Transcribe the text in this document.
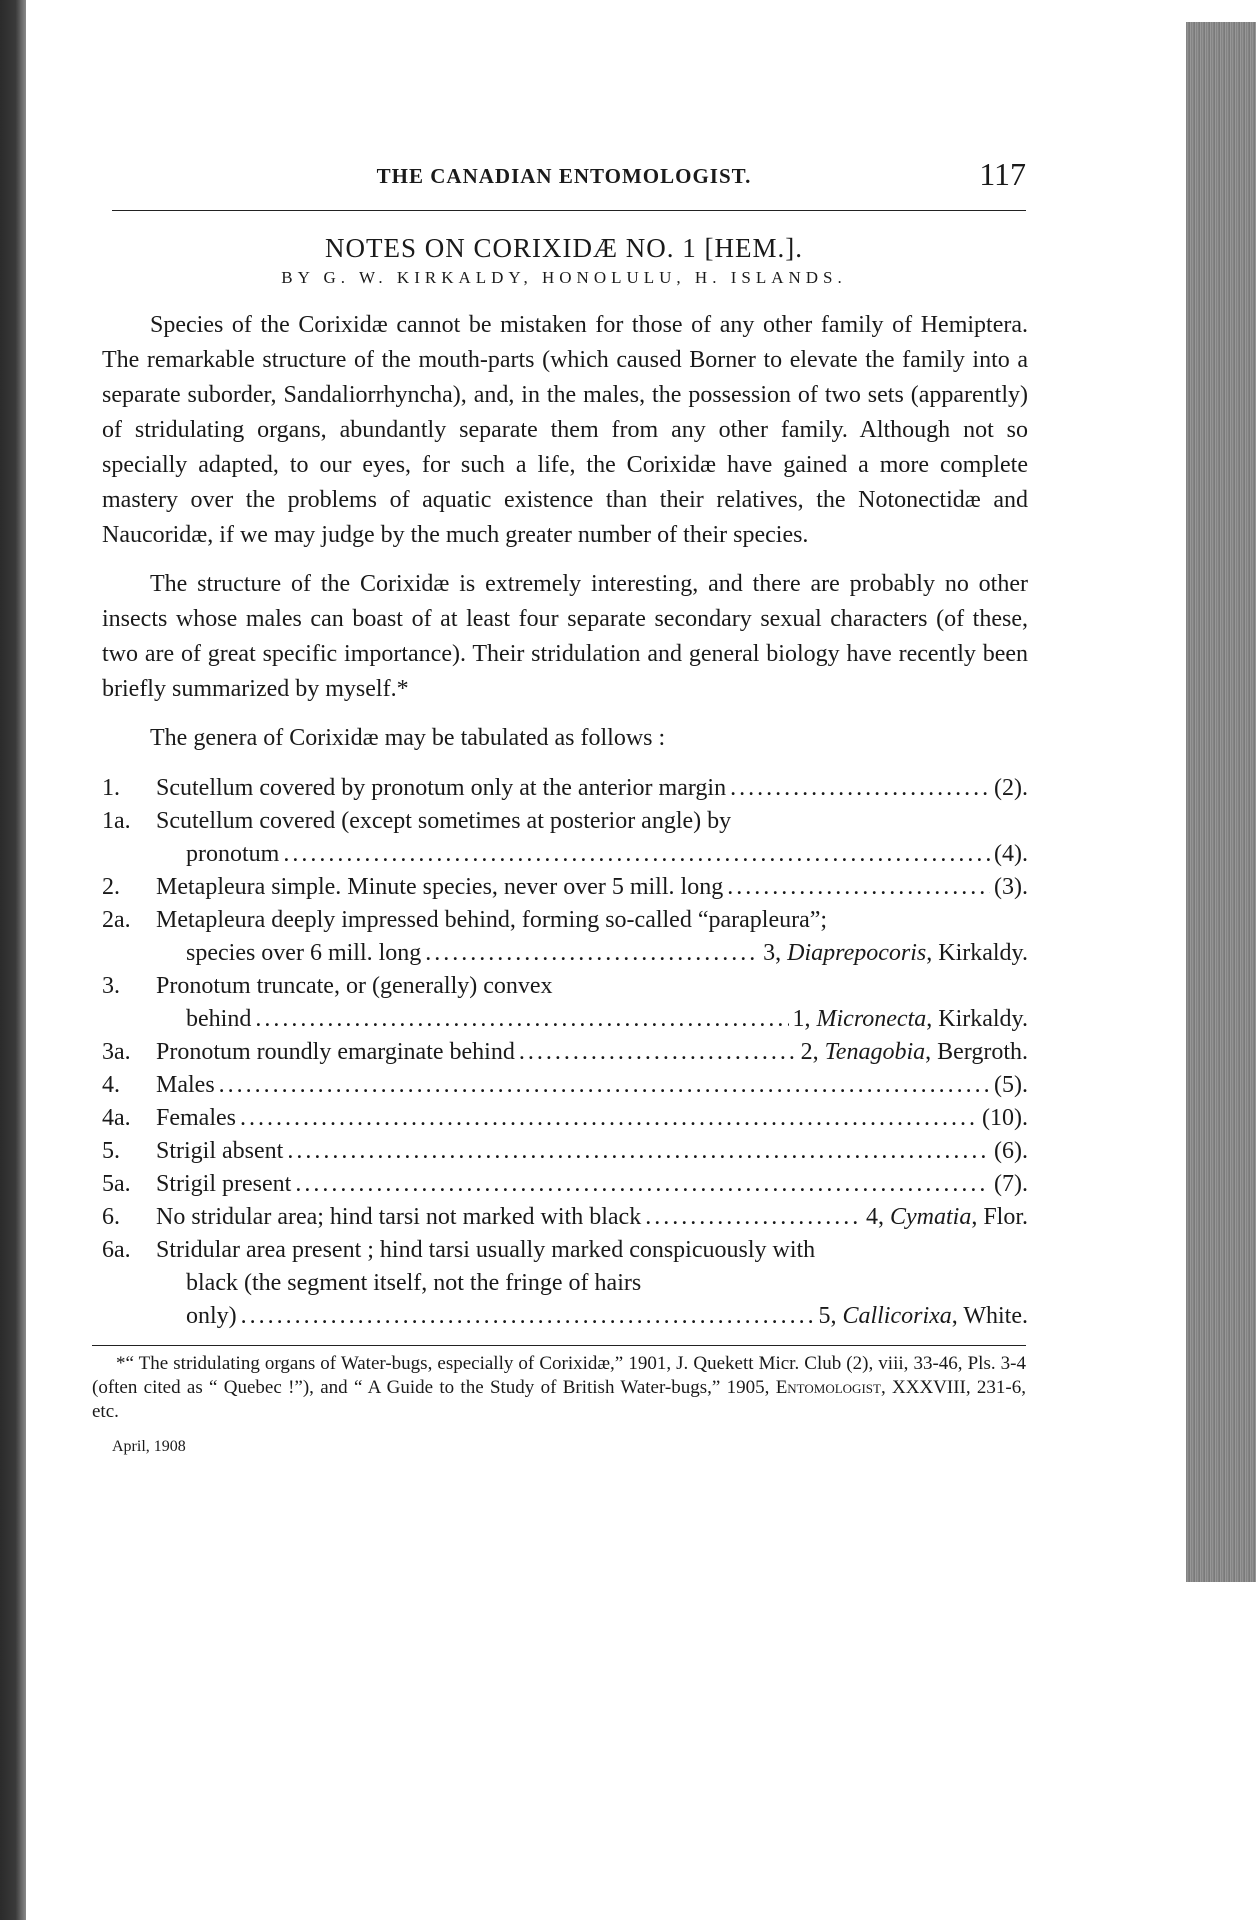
THE CANADIAN ENTOMOLOGIST.	117
NOTES ON CORIXIDÆ NO. 1 [HEM.].
BY G. W. KIRKALDY, HONOLULU, H. ISLANDS.

Species of the Corixidæ cannot be mistaken for those of any other family of Hemiptera. The remarkable structure of the mouth-parts (which caused Borner to elevate the family into a separate suborder, Sandaliorrhyncha), and, in the males, the possession of two sets (apparently) of stridulating organs, abundantly separate them from any other family. Although not so specially adapted, to our eyes, for such a life, the Corixidæ have gained a more complete mastery over the problems of aquatic existence than their relatives, the Notonectidæ and Naucoridæ, if we may judge by the much greater number of their species.

The structure of the Corixidæ is extremely interesting, and there are probably no other insects whose males can boast of at least four separate secondary sexual characters (of these, two are of great specific importance). Their stridulation and general biology have recently been briefly summarized by myself.*

The genera of Corixidæ may be tabulated as follows :

1.	Scutellum covered by pronotum only at the anterior margin .....	(2).
1a.	Scutellum covered (except sometimes at posterior angle) by
pronotum .....	(4).
2.	Metapleura simple. Minute species, never over 5 mill. long .....	(3).
2a.	Metapleura deeply impressed behind, forming so-called “parapleura”;
species over 6 mill. long .....	3, Diaprepocoris, Kirkaldy.
3.	Pronotum truncate, or (generally) convex
behind .....	1, Micronecta, Kirkaldy.
3a.	Pronotum roundly emarginate behind .....	2, Tenagobia, Bergroth.
4.	Males .....	(5).
4a.	Females .....	(10).
5.	Strigil absent .....	(6).
5a.	Strigil present .....	(7).
6.	No stridular area; hind tarsi not marked with black .....	4, Cymatia, Flor.
6a.	Stridular area present ; hind tarsi usually marked conspicuously with
black (the segment itself, not the fringe of hairs
only) .....	5, Callicorixa, White.

*“ The stridulating organs of Water-bugs, especially of Corixidæ,” 1901, J. Quekett Micr. Club (2), viii, 33-46, Pls. 3-4 (often cited as “ Quebec !”), and “ A Guide to the Study of British Water-bugs,” 1905, Entomologist, XXXVIII, 231-6, etc.

April, 1908
